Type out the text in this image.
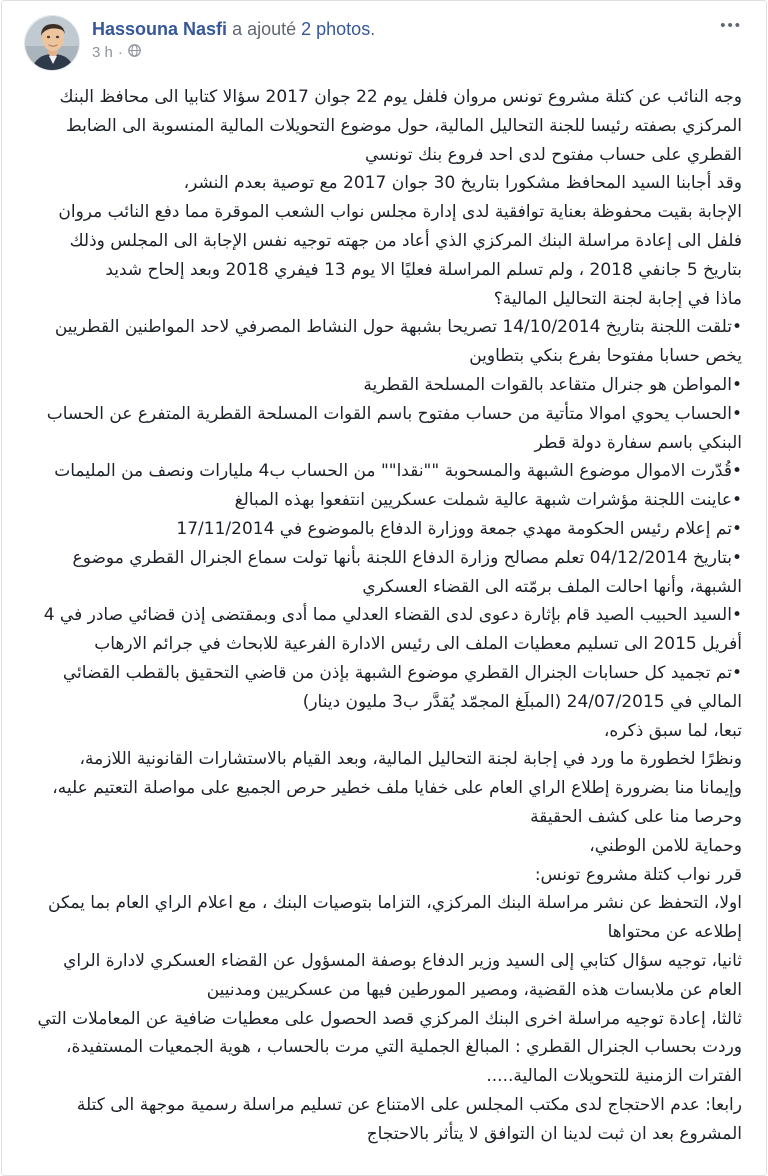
Hassouna Nasfi a ajouté 2 photos.
3 h ·
•••

وجه النائب عن كتلة مشروع تونس مروان فلفل يوم 22 جوان 2017 سؤالا كتابيا الى محافظ البنك المركزي بصفته رئيسا للجنة التحاليل المالية، حول موضوع التحويلات المالية المنسوبة الى الضابط القطري على حساب مفتوح لدى احد فروع بنك تونسي

وقد أجابنا السيد المحافظ مشكورا بتاريخ 30 جوان 2017 مع توصية بعدم النشر،

الإجابة بقيت محفوظة بعناية توافقية لدى إدارة مجلس نواب الشعب الموقرة مما دفع النائب مروان فلفل الى إعادة مراسلة البنك المركزي الذي أعاد من جهته توجيه نفس الإجابة الى المجلس وذلك بتاريخ 5 جانفي 2018 ، ولم تسلم المراسلة فعليًا الا يوم 13 فيفري 2018 وبعد إلحاح شديد

ماذا في إجابة لجنة التحاليل المالية؟

•تلقت اللجنة بتاريخ 14/10/2014 تصريحا بشبهة حول النشاط المصرفي لاحد المواطنين القطريين يخص حسابا مفتوحا بفرع بنكي بتطاوين

•المواطن هو جنرال متقاعد بالقوات المسلحة القطرية

•الحساب يحوي اموالا متأتية من حساب مفتوح باسم القوات المسلحة القطرية المتفرع عن الحساب البنكي باسم سفارة دولة قطر

•قُدّرت الاموال موضوع الشبهة والمسحوبة ""نقدا"" من الحساب ب4 مليارات ونصف من المليمات

•عاينت اللجنة مؤشرات شبهة عالية شملت عسكريين انتفعوا بهذه المبالغ

•تم إعلام رئيس الحكومة مهدي جمعة ووزارة الدفاع بالموضوع في 17/11/2014

•بتاريخ 04/12/2014 تعلم مصالح وزارة الدفاع اللجنة بأنها تولت سماع الجنرال القطري موضوع الشبهة، وأنها احالت الملف برمّته الى القضاء العسكري

•السيد الحبيب الصيد قام بإثارة دعوى لدى القضاء العدلي مما أدى وبمقتضى إذن قضائي صادر في 4 أفريل 2015 الى تسليم معطيات الملف الى رئيس الادارة الفرعية للابحاث في جرائم الارهاب

•تم تجميد كل حسابات الجنرال القطري موضوع الشبهة بإذن من قاضي التحقيق بالقطب القضائي المالي في 24/07/2015 (المبلَغ المجمّد يُقدَّر ب3 مليون دينار)

تبعا، لما سبق ذكره،

ونظرًا لخطورة ما ورد في إجابة لجنة التحاليل المالية، وبعد القيام بالاستشارات القانونية اللازمة،

وإيمانا منا بضرورة إطلاع الراي العام على خفايا ملف خطير حرص الجميع على مواصلة التعتيم عليه،

وحرصا منا على كشف الحقيقة

وحماية للامن الوطني،

قرر نواب كتلة مشروع تونس:

اولا، التحفظ عن نشر مراسلة البنك المركزي، التزاما بتوصيات البنك ، مع اعلام الراي العام بما يمكن إطلاعه عن محتواها

ثانيا، توجيه سؤال كتابي إلى السيد وزير الدفاع بوصفة المسؤول عن القضاء العسكري لادارة الراي العام عن ملابسات هذه القضية، ومصير المورطين فيها من عسكريين ومدنيين

ثالثا، إعادة توجيه مراسلة اخرى البنك المركزي قصد الحصول على معطيات ضافية عن المعاملات التي وردت بحساب الجنرال القطري : المبالغ الجملية التي مرت بالحساب ، هوية الجمعيات المستفيدة، الفترات الزمنية للتحويلات المالية.....

رابعا: عدم الاحتجاج لدى مكتب المجلس على الامتناع عن تسليم مراسلة رسمية موجهة الى كتلة المشروع بعد ان ثبت لدينا ان التوافق لا يتأثر بالاحتجاج
